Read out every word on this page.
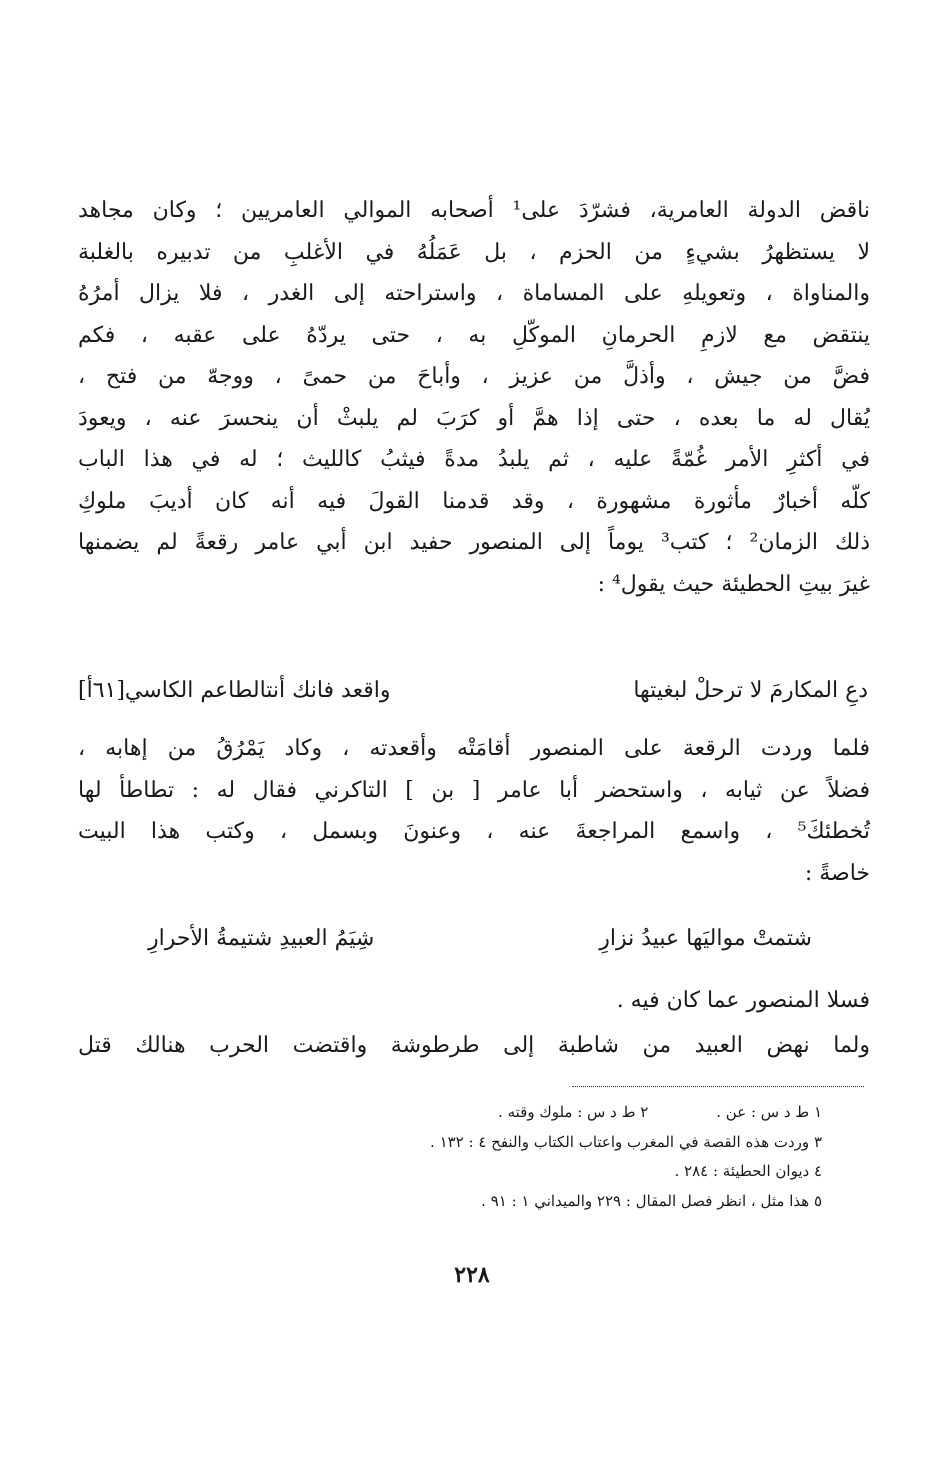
ناقض الدولة العامرية، فشرّدَ على¹ أصحابه الموالي العامريين ؛ وكان مجاهد
لا يستظهرُ بشيءٍ من الحزم ، بل عَمَلُهُ في الأغلبِ من تدبيره بالغلبة
والمناواة ، وتعويلهِ على المساماة ، واستراحته إلى الغدر ، فلا يزال أمرُهُ
ينتقض مع لازمِ الحرمانِ الموكّلِ به ، حتى يردّهُ على عقبه ، فكم
فضَّ من جيش ، وأذلَّ من عزيز ، وأباحَ من حمىً ، ووجهّ من فتح ،
يُقال له ما بعده ، حتى إذا همَّ أو كرَبَ لم يلبثْ أن ينحسرَ عنه ، ويعودَ
في أكثرِ الأمر غُمّةً عليه ، ثم يلبدُ مدةً فيثبُ كالليث ؛ له في هذا الباب
كلّه أخبارٌ مأثورة مشهورة ، وقد قدمنا القولَ فيه أنه كان أديبَ ملوكِ
ذلك الزمان² ؛ كتب³ يوماً إلى المنصور حفيد ابن أبي عامر رقعةً لم يضمنها
غيرَ بيتِ الحطيئة حيث يقول⁴ :
دعِ المكارمَ لا ترحلْ لبغيتها
واقعد فانك أنتالطاعم الكاسي[٦١أ]
فلما وردت الرقعة على المنصور أقامَتْه وأقعدته ، وكاد يَمْرُقُ من إهابه ،
فضلاً عن ثيابه ، واستحضر أبا عامر [ بن ] التاكرني فقال له : تطاطأ لها
تُخطئكَ⁵ ، واسمع المراجعةَ عنه ، وعنونَ وبسمل ، وكتب هذا البيت
خاصةً :
شتمتْ مواليَها عبيدُ نزارِ
شِيَمُ العبيدِ شتيمةُ الأحرارِ
فسلا المنصور عما كان فيه .
ولما نهض العبيد من شاطبة إلى طرطوشة واقتضت الحرب هنالك قتل
١ ط د س : عن .٢ ط د س : ملوك وقته .
٣ وردت هذه القصة في المغرب واعتاب الكتاب والنفح ٤ : ١٣٢ .
٤ ديوان الحطيئة : ٢٨٤ .
٥ هذا مثل ، انظر فصل المقال : ٢٢٩ والميداني ١ : ٩١ .
٢٢٨
